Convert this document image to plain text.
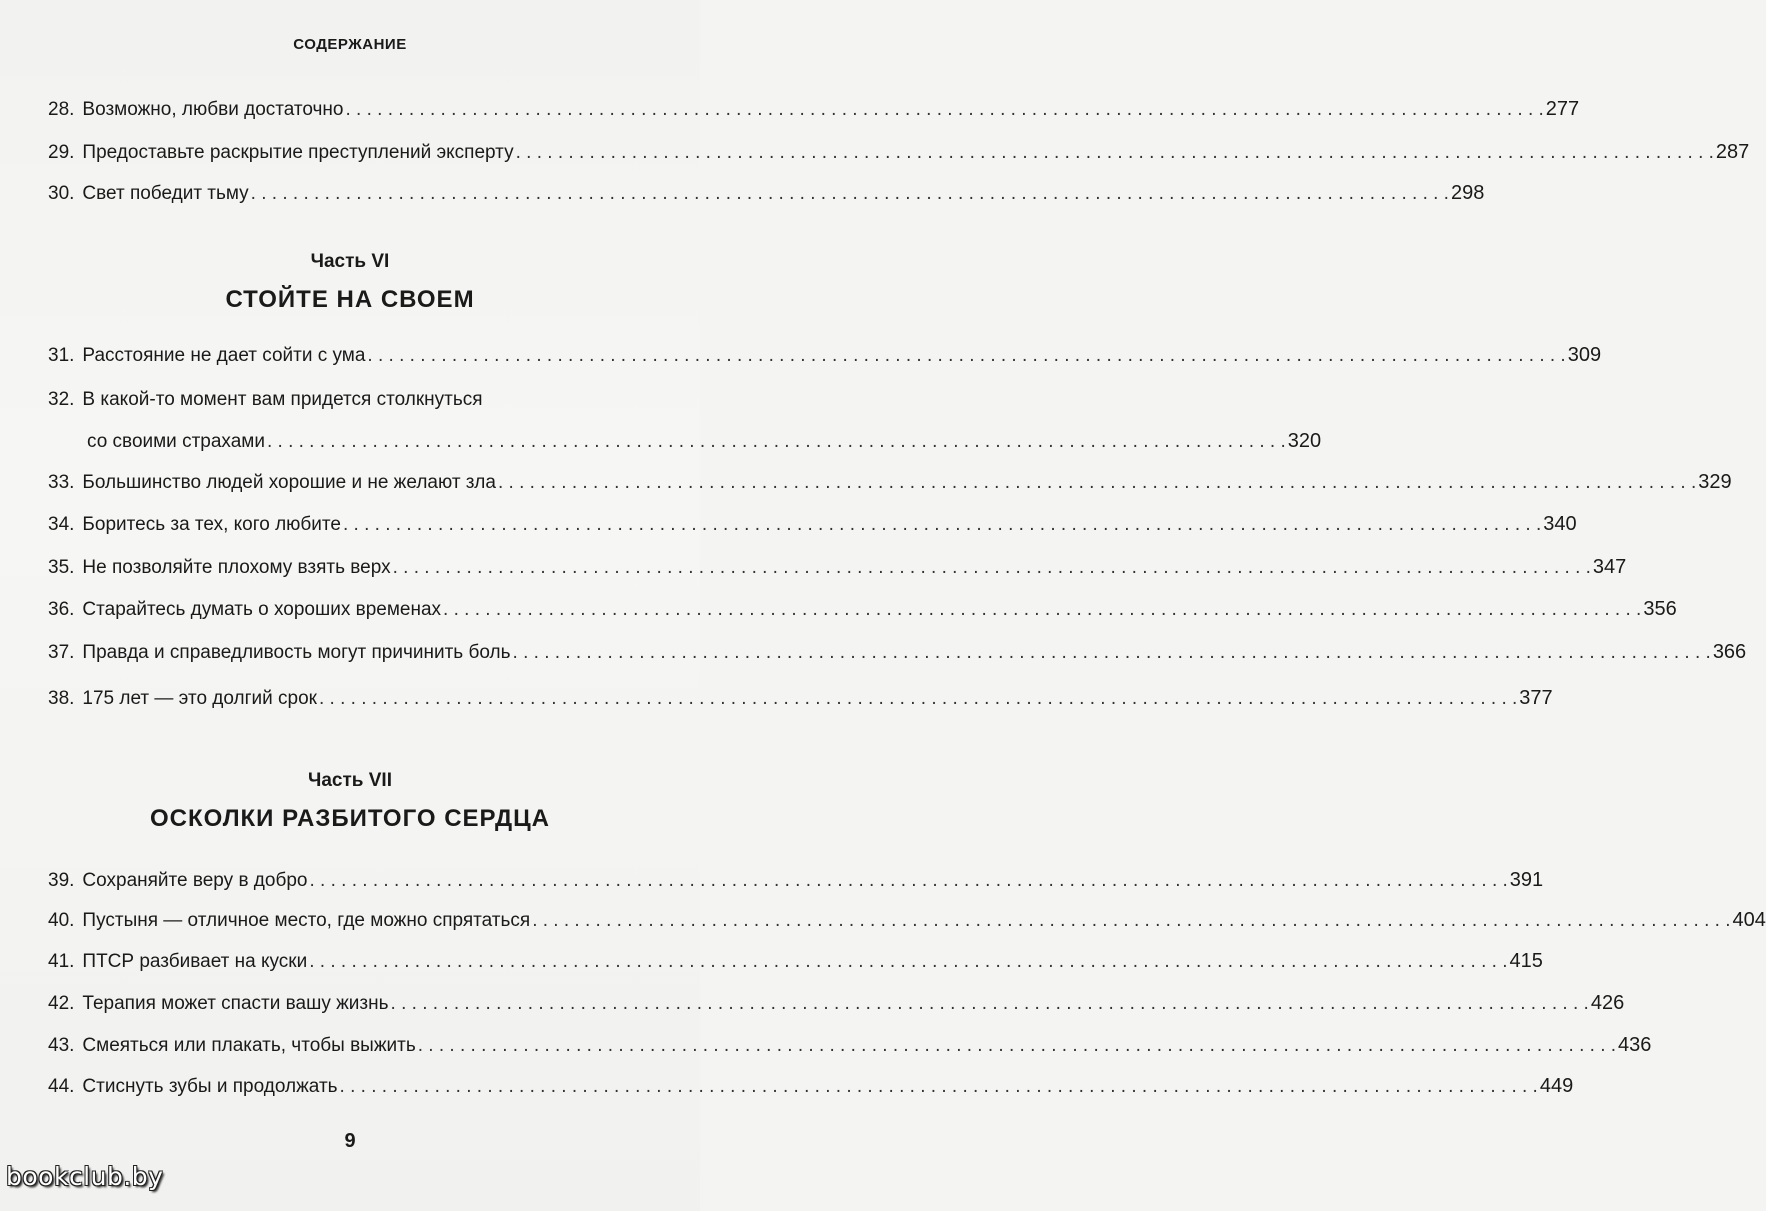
СОДЕРЖАНИЕ
28. Возможно, любви достаточно . . .	277
29. Предоставьте раскрытие преступлений эксперту . . .	287
30. Свет победит тьму . . .	298
Часть VI
СТОЙТЕ НА СВОЕМ
31. Расстояние не дает сойти с ума . . .	309
32. В какой-то момент вам придется столкнуться
со своими страхами . . .	320
33. Большинство людей хорошие и не желают зла . . .	329
34. Боритесь за тех, кого любите . . .	340
35. Не позволяйте плохому взять верх . . .	347
36. Старайтесь думать о хороших временах . . .	356
37. Правда и справедливость могут причинить боль . . .	366
38. 175 лет — это долгий срок . . .	377
Часть VII
ОСКОЛКИ РАЗБИТОГО СЕРДЦА
39. Сохраняйте веру в добро . . .	391
40. Пустыня — отличное место, где можно спрятаться . . .	404
41. ПТСР разбивает на куски . . .	415
42. Терапия может спасти вашу жизнь . . .	426
43. Смеяться или плакать, чтобы выжить . . .	436
44. Стиснуть зубы и продолжать . . .	449
9
bookclub.by
